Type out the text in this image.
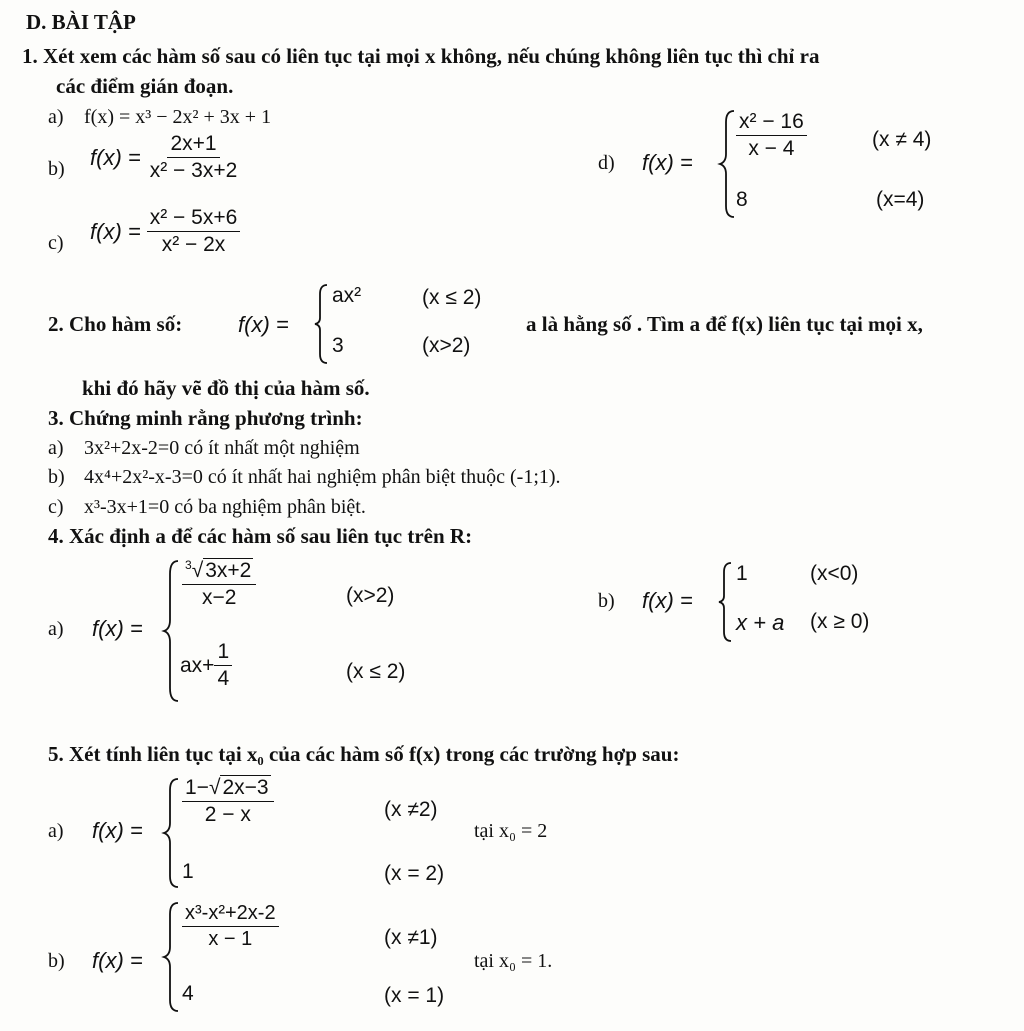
D. BÀI TẬP
1. Xét xem các hàm số sau có liên tục tại mọi x không, nếu chúng không liên tục thì chỉ ra
các điểm gián đoạn.
a) f(x) = x³ − 2x² + 3x + 1
b) $f(x) = \frac{2x+1}{\text{x² − 3x+2}}$
c) $f(x) = \frac{\text{x² − 5x+6}}{\text{x² − 2x}}$
d) f(x) =
$\frac{\text{x² − 16}}{x - 4}$	(x ≠ 4)
8	(x=4)
2. Cho hàm số:	f(x) =
ax²	(x ≤ 2)
3	(x>2)
a là hằng số . Tìm a để f(x) liên tục tại mọi x,
khi đó hãy vẽ đồ thị của hàm số.
3. Chứng minh rằng phương trình:
a) 3x²+2x-2=0 có ít nhất một nghiệm
b) 4x⁴+2x²-x-3=0 có ít nhất hai nghiệm phân biệt thuộc (-1;1).
c) x³-3x+1=0 có ba nghiệm phân biệt.
4. Xác định a để các hàm số sau liên tục trên R:
a) f(x) =
$\frac{^3√3x+2}{x-2}$	(x>2)
$ax+ \frac{1}{4}$	(x ≤ 2)
b) f(x) =
1	(x<0)
x + a (x ≥ 0)
5. Xét tính liên tục tại x₀ của các hàm số f(x) trong các trường hợp sau:
a) f(x) =
$\frac{1-√2x-3}{2 - x}$	(x ≠2)
1	(x = 2)
tại x₀ = 2
b) f(x) =
$\frac{\text{x³-x²+2x-2}}{x - 1}$	(x ≠1)
4	(x = 1)
tại x₀ = 1.
